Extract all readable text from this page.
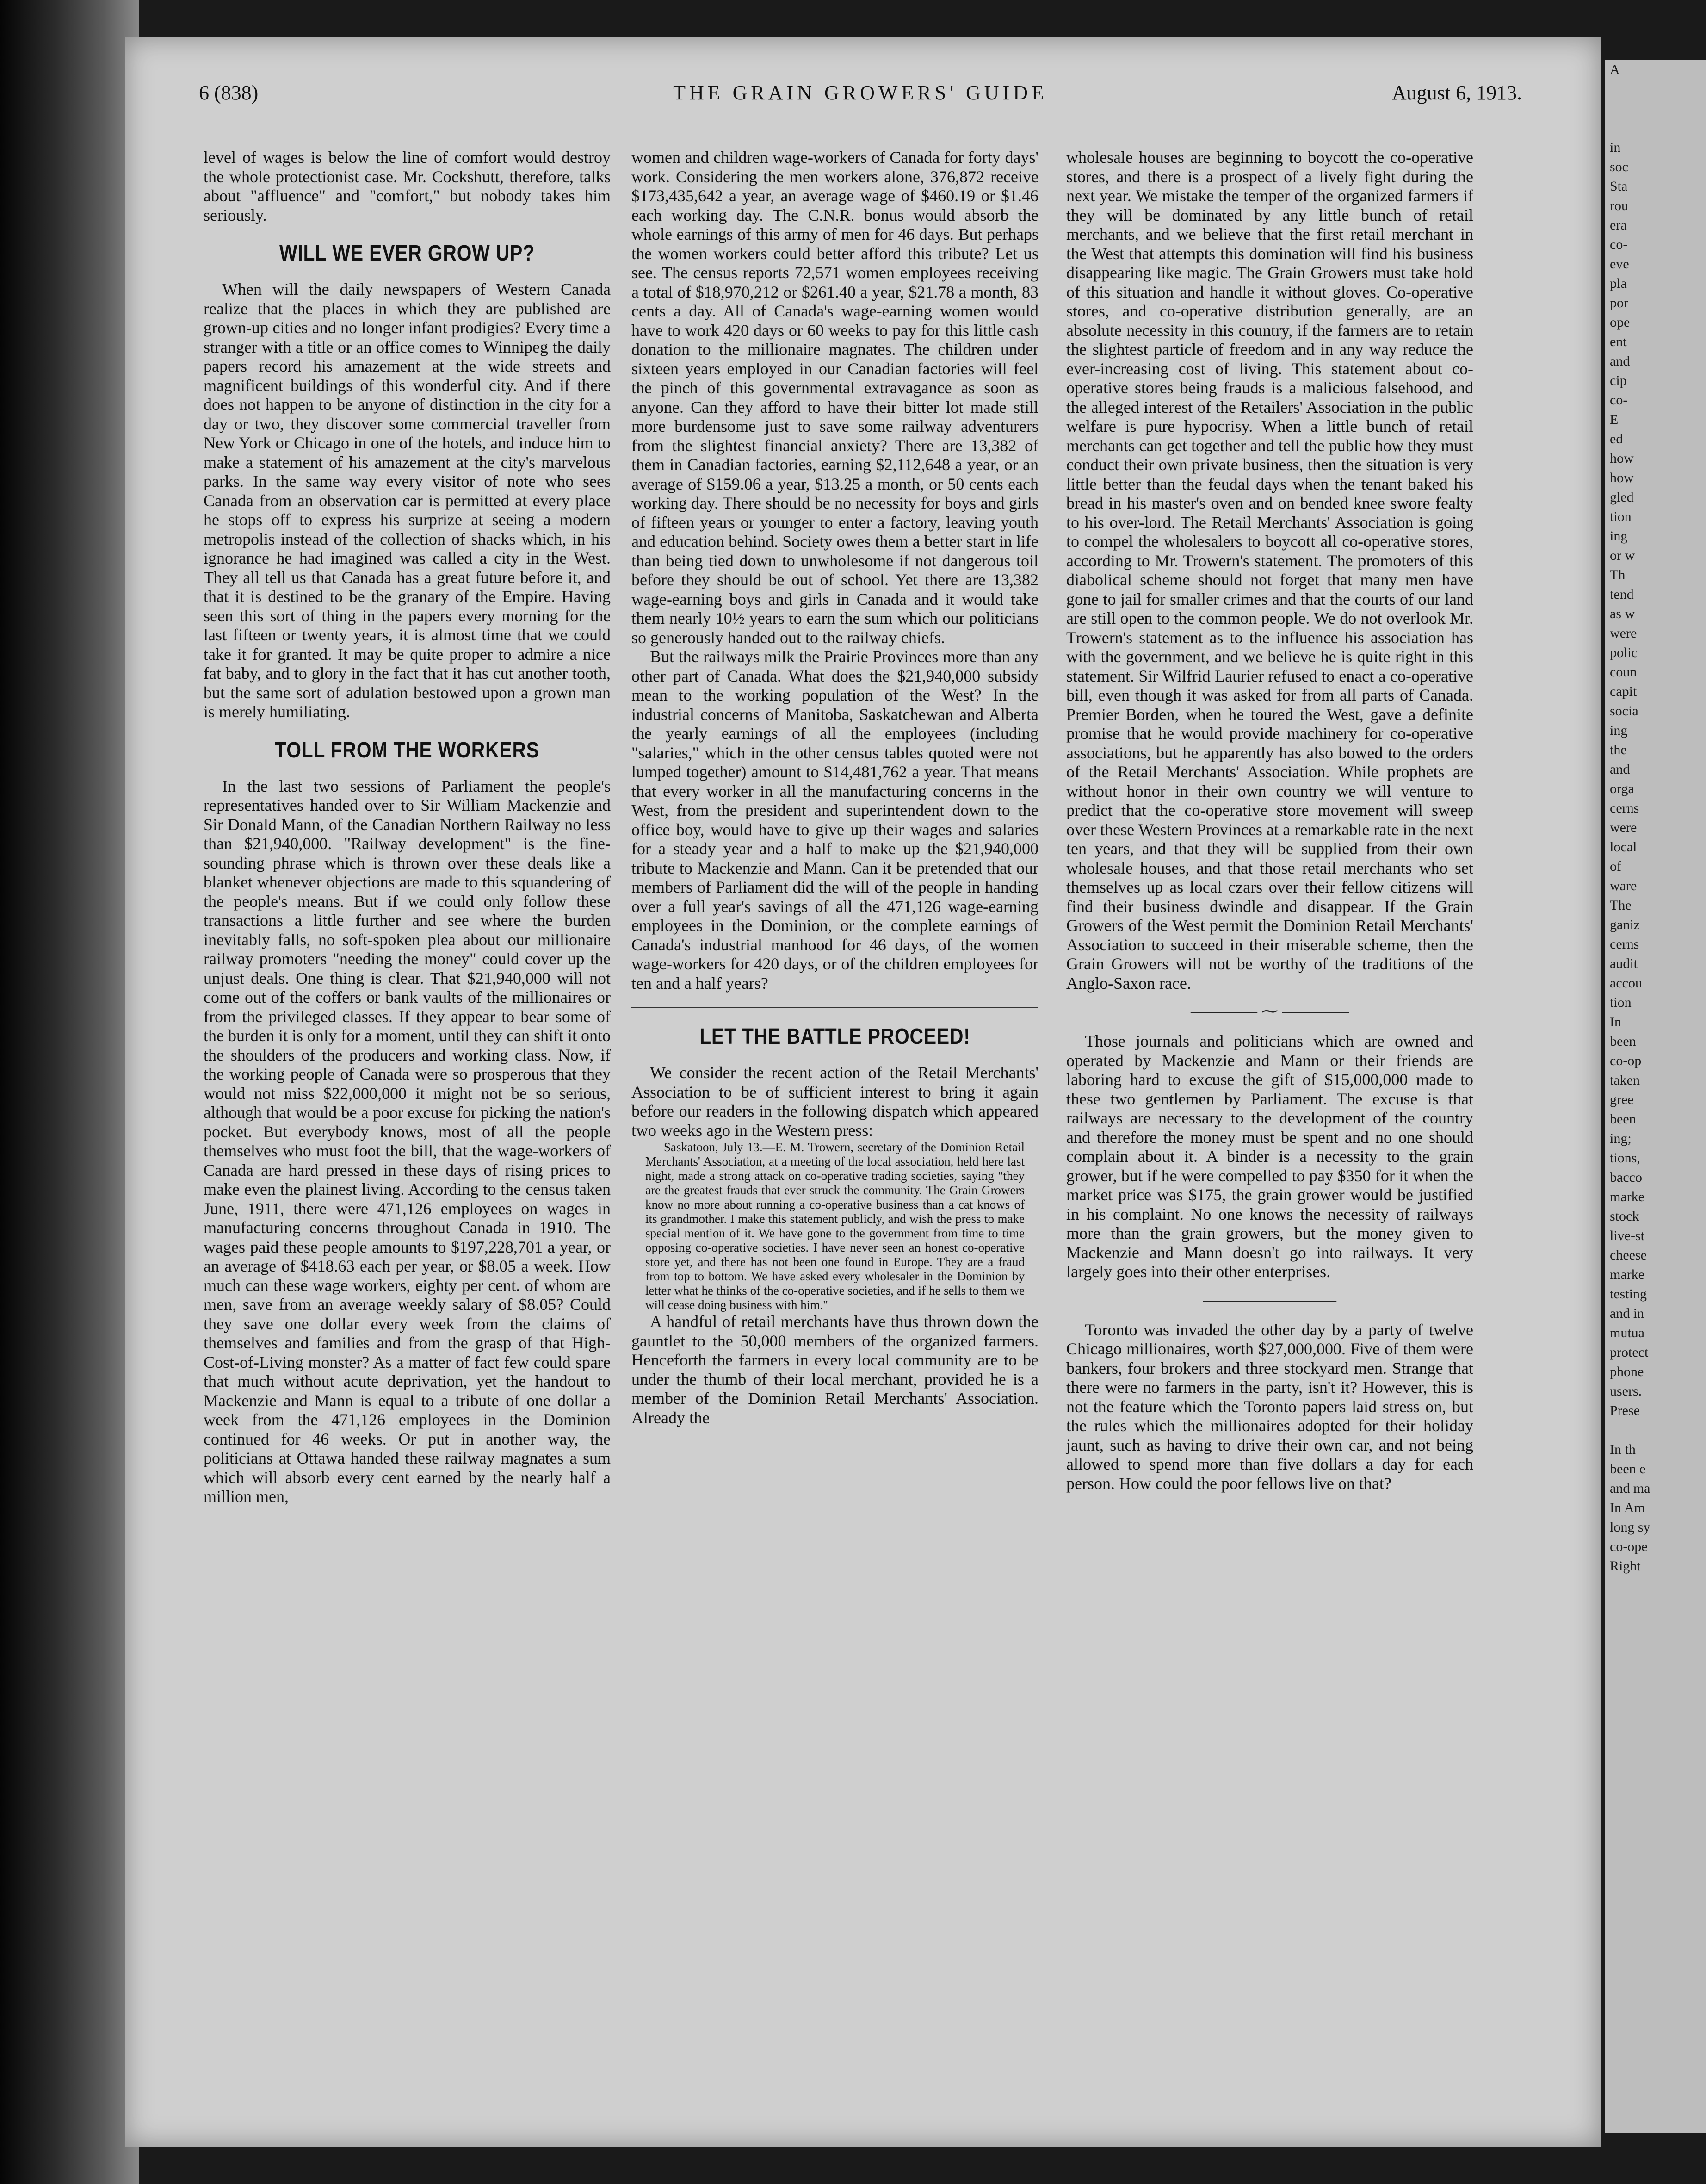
A

in
soc
Sta
rou
era
co-
eve
pla
por
ope
ent
and
cip
co-
E
ed
how
how
gled
tion
ing
or w
Th
tend
as w
were
polic
coun
capit
socia
ing
the
and
orga
cerns
were
local
of
ware
The
ganiz
cerns
audit
accou
tion
In
been
co-op
taken
gree
been
ing;
tions,
bacco
marke
stock
live-st
cheese
marke
testing
and in
mutua
protect
phone
users.
Prese

In th
been e
and ma
In Am
long sy
co-ope
Right
6 (838)	THE GRAIN GROWERS' GUIDE	August 6, 1913.

level of wages is below the line of comfort would destroy the whole protectionist case. Mr. Cockshutt, therefore, talks about "affluence" and "comfort," but nobody takes him seriously.

WILL WE EVER GROW UP?

When will the daily newspapers of Western Canada realize that the places in which they are published are grown-up cities and no longer infant prodigies? Every time a stranger with a title or an office comes to Winnipeg the daily papers record his amazement at the wide streets and magnificent buildings of this wonderful city. And if there does not happen to be anyone of distinction in the city for a day or two, they discover some commercial traveller from New York or Chicago in one of the hotels, and induce him to make a statement of his amazement at the city's marvelous parks. In the same way every visitor of note who sees Canada from an observation car is permitted at every place he stops off to express his surprize at seeing a modern metropolis instead of the collection of shacks which, in his ignorance he had imagined was called a city in the West. They all tell us that Canada has a great future before it, and that it is destined to be the granary of the Empire. Having seen this sort of thing in the papers every morning for the last fifteen or twenty years, it is almost time that we could take it for granted. It may be quite proper to admire a nice fat baby, and to glory in the fact that it has cut another tooth, but the same sort of adulation bestowed upon a grown man is merely humiliating.

TOLL FROM THE WORKERS

In the last two sessions of Parliament the people's representatives handed over to Sir William Mackenzie and Sir Donald Mann, of the Canadian Northern Railway no less than $21,940,000. "Railway development" is the fine-sounding phrase which is thrown over these deals like a blanket whenever objections are made to this squandering of the people's means. But if we could only follow these transactions a little further and see where the burden inevitably falls, no soft-spoken plea about our millionaire railway promoters "needing the money" could cover up the unjust deals. One thing is clear. That $21,940,000 will not come out of the coffers or bank vaults of the millionaires or from the privileged classes. If they appear to bear some of the burden it is only for a moment, until they can shift it onto the shoulders of the producers and working class. Now, if the working people of Canada were so prosperous that they would not miss $22,000,000 it might not be so serious, although that would be a poor excuse for picking the nation's pocket. But everybody knows, most of all the people themselves who must foot the bill, that the wage-workers of Canada are hard pressed in these days of rising prices to make even the plainest living. According to the census taken June, 1911, there were 471,126 employees on wages in manufacturing concerns throughout Canada in 1910. The wages paid these people amounts to $197,228,701 a year, or an average of $418.63 each per year, or $8.05 a week. How much can these wage workers, eighty per cent. of whom are men, save from an average weekly salary of $8.05? Could they save one dollar every week from the claims of themselves and families and from the grasp of that High-Cost-of-Living monster? As a matter of fact few could spare that much without acute deprivation, yet the handout to Mackenzie and Mann is equal to a tribute of one dollar a week from the 471,126 employees in the Dominion continued for 46 weeks. Or put in another way, the politicians at Ottawa handed these railway magnates a sum which will absorb every cent earned by the nearly half a million men,

women and children wage-workers of Canada for forty days' work. Considering the men workers alone, 376,872 receive $173,435,642 a year, an average wage of $460.19 or $1.46 each working day. The C.N.R. bonus would absorb the whole earnings of this army of men for 46 days. But perhaps the women workers could better afford this tribute? Let us see. The census reports 72,571 women employees receiving a total of $18,970,212 or $261.40 a year, $21.78 a month, 83 cents a day. All of Canada's wage-earning women would have to work 420 days or 60 weeks to pay for this little cash donation to the millionaire magnates. The children under sixteen years employed in our Canadian factories will feel the pinch of this governmental extravagance as soon as anyone. Can they afford to have their bitter lot made still more burdensome just to save some railway adventurers from the slightest financial anxiety? There are 13,382 of them in Canadian factories, earning $2,112,648 a year, or an average of $159.06 a year, $13.25 a month, or 50 cents each working day. There should be no necessity for boys and girls of fifteen years or younger to enter a factory, leaving youth and education behind. Society owes them a better start in life than being tied down to unwholesome if not dangerous toil before they should be out of school. Yet there are 13,382 wage-earning boys and girls in Canada and it would take them nearly 10½ years to earn the sum which our politicians so generously handed out to the railway chiefs.

But the railways milk the Prairie Provinces more than any other part of Canada. What does the $21,940,000 subsidy mean to the working population of the West? In the industrial concerns of Manitoba, Saskatchewan and Alberta the yearly earnings of all the employees (including "salaries," which in the other census tables quoted were not lumped together) amount to $14,481,762 a year. That means that every worker in all the manufacturing concerns in the West, from the president and superintendent down to the office boy, would have to give up their wages and salaries for a steady year and a half to make up the $21,940,000 tribute to Mackenzie and Mann. Can it be pretended that our members of Parliament did the will of the people in handing over a full year's savings of all the 471,126 wage-earning employees in the Dominion, or the complete earnings of Canada's industrial manhood for 46 days, of the women wage-workers for 420 days, or of the children employees for ten and a half years?

LET THE BATTLE PROCEED!

We consider the recent action of the Retail Merchants' Association to be of sufficient interest to bring it again before our readers in the following dispatch which appeared two weeks ago in the Western press:

Saskatoon, July 13.—E. M. Trowern, secretary of the Dominion Retail Merchants' Association, at a meeting of the local association, held here last night, made a strong attack on co-operative trading societies, saying "they are the greatest frauds that ever struck the community. The Grain Growers know no more about running a co-operative business than a cat knows of its grandmother. I make this statement publicly, and wish the press to make special mention of it. We have gone to the government from time to time opposing co-operative societies. I have never seen an honest co-operative store yet, and there has not been one found in Europe. They are a fraud from top to bottom. We have asked every wholesaler in the Dominion by letter what he thinks of the co-operative societies, and if he sells to them we will cease doing business with him."

A handful of retail merchants have thus thrown down the gauntlet to the 50,000 members of the organized farmers. Henceforth the farmers in every local community are to be under the thumb of their local merchant, provided he is a member of the Dominion Retail Merchants' Association. Already the

wholesale houses are beginning to boycott the co-operative stores, and there is a prospect of a lively fight during the next year. We mistake the temper of the organized farmers if they will be dominated by any little bunch of retail merchants, and we believe that the first retail merchant in the West that attempts this domination will find his business disappearing like magic. The Grain Growers must take hold of this situation and handle it without gloves. Co-operative stores, and co-operative distribution generally, are an absolute necessity in this country, if the farmers are to retain the slightest particle of freedom and in any way reduce the ever-increasing cost of living. This statement about co-operative stores being frauds is a malicious falsehood, and the alleged interest of the Retailers' Association in the public welfare is pure hypocrisy. When a little bunch of retail merchants can get together and tell the public how they must conduct their own private business, then the situation is very little better than the feudal days when the tenant baked his bread in his master's oven and on bended knee swore fealty to his over-lord. The Retail Merchants' Association is going to compel the wholesalers to boycott all co-operative stores, according to Mr. Trowern's statement. The promoters of this diabolical scheme should not forget that many men have gone to jail for smaller crimes and that the courts of our land are still open to the common people. We do not overlook Mr. Trowern's statement as to the influence his association has with the government, and we believe he is quite right in this statement. Sir Wilfrid Laurier refused to enact a co-operative bill, even though it was asked for from all parts of Canada. Premier Borden, when he toured the West, gave a definite promise that he would provide machinery for co-operative associations, but he apparently has also bowed to the orders of the Retail Merchants' Association. While prophets are without honor in their own country we will venture to predict that the co-operative store movement will sweep over these Western Provinces at a remarkable rate in the next ten years, and that they will be supplied from their own wholesale houses, and that those retail merchants who set themselves up as local czars over their fellow citizens will find their business dwindle and disappear. If the Grain Growers of the West permit the Dominion Retail Merchants' Association to succeed in their miserable scheme, then the Grain Growers will not be worthy of the traditions of the Anglo-Saxon race.

———— ⁓ ————

Those journals and politicians which are owned and operated by Mackenzie and Mann or their friends are laboring hard to excuse the gift of $15,000,000 made to these two gentlemen by Parliament. The excuse is that railways are necessary to the development of the country and therefore the money must be spent and no one should complain about it. A binder is a necessity to the grain grower, but if he were compelled to pay $350 for it when the market price was $175, the grain grower would be justified in his complaint. No one knows the necessity of railways more than the grain growers, but the money given to Mackenzie and Mann doesn't go into railways. It very largely goes into their other enterprises.

————————

Toronto was invaded the other day by a party of twelve Chicago millionaires, worth $27,000,000. Five of them were bankers, four brokers and three stockyard men. Strange that there were no farmers in the party, isn't it? However, this is not the feature which the Toronto papers laid stress on, but the rules which the millionaires adopted for their holiday jaunt, such as having to drive their own car, and not being allowed to spend more than five dollars a day for each person. How could the poor fellows live on that?
